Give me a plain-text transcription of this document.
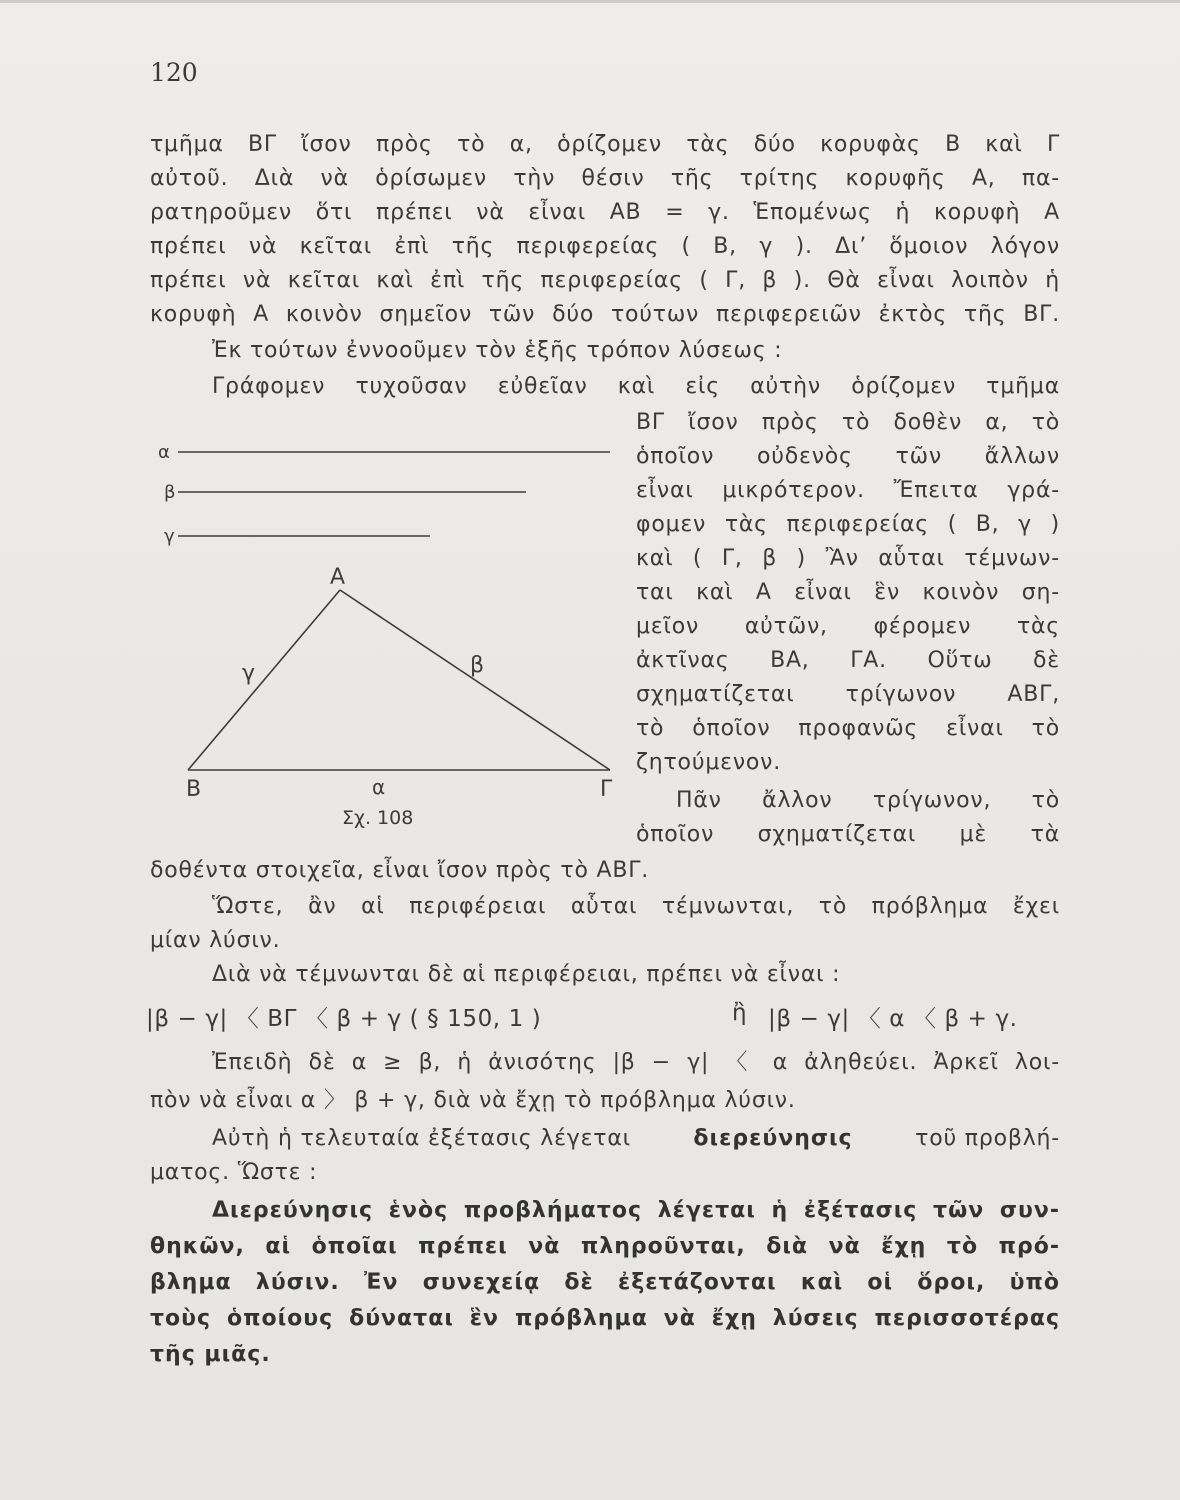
120
τμῆμα ΒΓ ἴσον πρὸς τὸ α, ὁρίζομεν τὰς δύο κορυφὰς Β καὶ Γ
αὐτοῦ. Διὰ νὰ ὁρίσωμεν τὴν θέσιν τῆς τρίτης κορυφῆς Α, πα-
ρατηροῦμεν ὅτι πρέπει νὰ εἶναι ΑΒ = γ. Ἑπομένως ἡ κορυφὴ Α
πρέπει νὰ κεῖται ἐπὶ τῆς περιφερείας ( Β, γ ). Δι’ ὅμοιον λόγον
πρέπει νὰ κεῖται καὶ ἐπὶ τῆς περιφερείας ( Γ, β ). Θὰ εἶναι λοιπὸν ἡ
κορυφὴ Α κοινὸν σημεῖον τῶν δύο τούτων περιφερειῶν ἐκτὸς τῆς ΒΓ.
Ἐκ τούτων ἐννοοῦμεν τὸν ἑξῆς τρόπον λύσεως :
Γράφομεν τυχοῦσαν εὐθεῖαν καὶ εἰς αὐτὴν ὁρίζομεν τμῆμα
ΒΓ ἴσον πρὸς τὸ δοθὲν α, τὸ
ὁποῖον οὐδενὸς τῶν ἄλλων
εἶναι μικρότερον. Ἔπειτα γρά-
φομεν τὰς περιφερείας ( Β, γ )
καὶ ( Γ, β ) Ἂν αὗται τέμνων-
ται καὶ Α εἶναι ἓν κοινὸν ση-
μεῖον αὐτῶν, φέρομεν τὰς
ἀκτῖνας ΒΑ, ΓΑ. Οὕτω δὲ
σχηματίζεται τρίγωνον ΑΒΓ,
τὸ ὁποῖον προφανῶς εἶναι τὸ
ζητούμενον.
Πᾶν ἄλλον τρίγωνον, τὸ
ὁποῖον σχηματίζεται μὲ τὰ
α
β
γ
Α
Β	Γ
γ	β
α
Σχ. 108
δοθέντα στοιχεῖα, εἶναι ἴσον πρὸς τὸ ΑΒΓ.
Ὥστε, ἂν αἱ περιφέρειαι αὗται τέμνωνται, τὸ πρόβλημα ἔχει
μίαν λύσιν.
Διὰ νὰ τέμνωνται δὲ αἱ περιφέρειαι, πρέπει νὰ εἶναι :
|β − γ| 〈 ΒΓ 〈 β + γ ( § 150, 1 )	ἢ |β − γ| 〈 α 〈 β + γ.
Ἐπειδὴ δὲ α ≥ β, ἡ ἀνισότης |β − γ| 〈 α ἀληθεύει. Ἀρκεῖ λοι-
πὸν νὰ εἶναι α 〉 β + γ, διὰ νὰ ἔχῃ τὸ πρόβλημα λύσιν.
Αὐτὴ ἡ τελευταία ἐξέτασις λέγεται	διερεύνησις	τοῦ προβλή-
ματος. Ὥστε :
Διερεύνησις ἑνὸς προβλήματος λέγεται ἡ ἐξέτασις τῶν συν-
θηκῶν, αἱ ὁποῖαι πρέπει νὰ πληροῦνται, διὰ νὰ ἔχῃ τὸ πρό-
βλημα λύσιν. Ἐν συνεχείᾳ δὲ ἐξετάζονται καὶ οἱ ὅροι, ὑπὸ
τοὺς ὁποίους δύναται ἓν πρόβλημα νὰ ἔχῃ λύσεις περισσοτέρας
τῆς μιᾶς.
